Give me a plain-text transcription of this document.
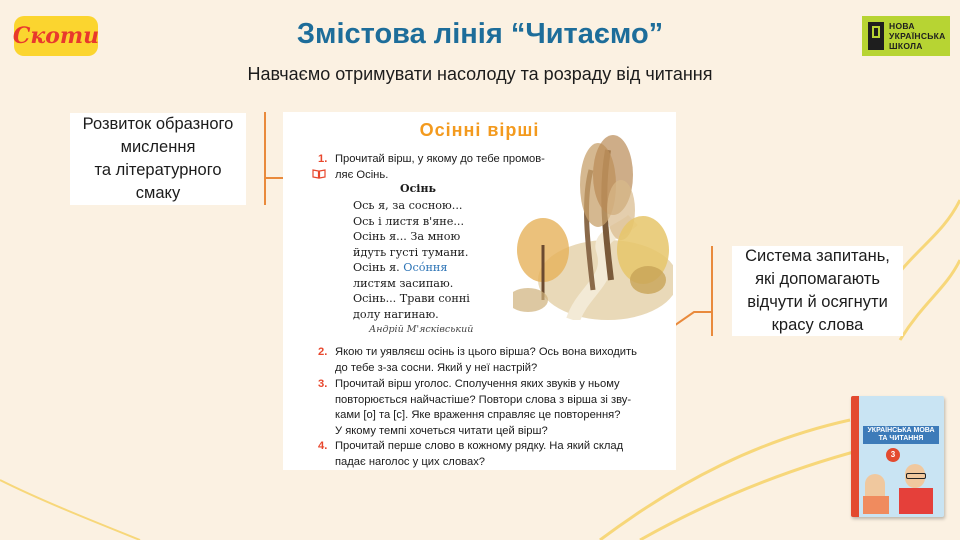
Скоти	НОВА
УКРАЇНСЬКА
ШКОЛА
Змістова лінія “Читаємо”
Навчаємо отримувати насолоду та розраду від читання
Розвиток образного
мислення
та літературного
смаку
Система запитань,
які допомагають
відчути й осягнути
красу слова
Осінні вірші
1. Прочитай вірш, у якому до тебе промов-
ляє Осінь.
Осінь
Ось я, за сосною...
Ось і листя в'яне...
Осінь я... За мною
йдуть густі тумани.
Осінь я. Осóння
листям засипаю.
Осінь... Трави сонні
долу нагинаю.
Андрій М'ясківський
2. Якою ти уявляєш осінь із цього вірша? Ось вона виходить
до тебе з-за сосни. Який у неї настрій?
3. Прочитай вірш уголос. Сполучення яких звуків у ньому
повторюється найчастіше? Повтори слова з вірша зі зву-
ками [о] та [с]. Яке враження справляє це повторення?
У якому темпі хочеться читати цей вірш?
4. Прочитай перше слово в кожному рядку. На який склад
падає наголос у цих словах?
УКРАЇНСЬКА МОВА
ТА ЧИТАННЯ
3
